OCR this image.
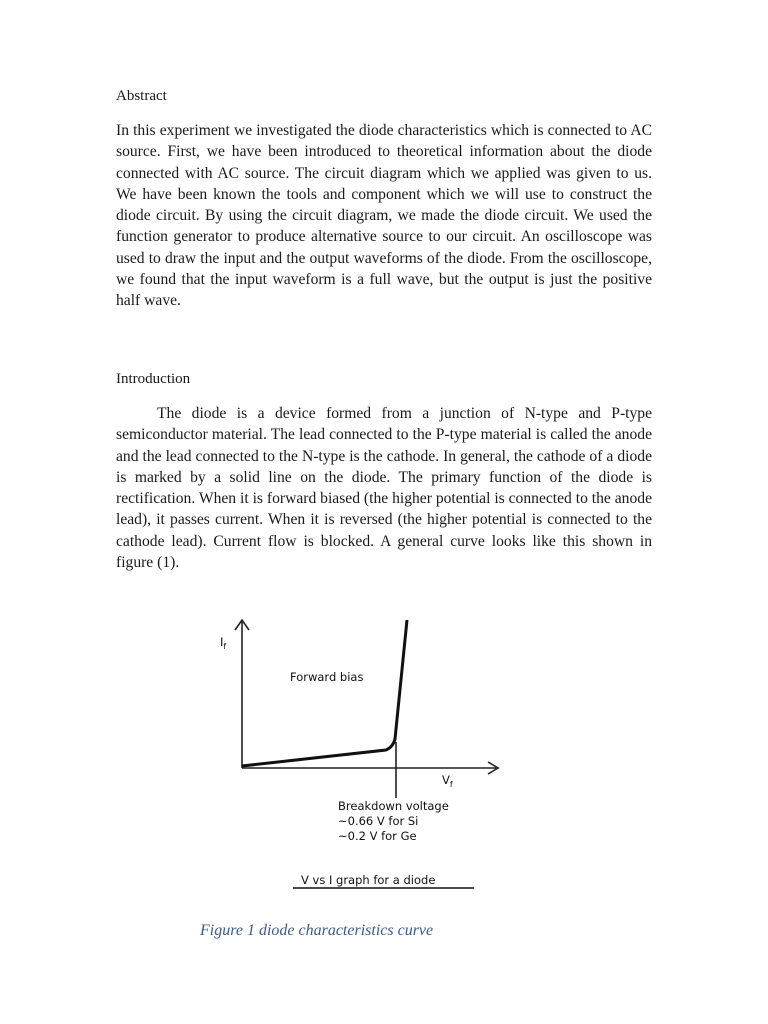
Abstract

In this experiment we investigated the diode characteristics which is connected to AC source. First, we have been introduced to theoretical information about the diode connected with AC source. The circuit diagram which we applied was given to us. We have been known the tools and component which we will use to construct the diode circuit. By using the circuit diagram, we made the diode circuit. We used the function generator to produce alternative source to our circuit. An oscilloscope was used to draw the input and the output waveforms of the diode. From the oscilloscope, we found that the input waveform is a full wave, but the output is just the positive half wave.

Introduction

The diode is a device formed from a junction of N-type and P-type semiconductor material. The lead connected to the P-type material is called the anode and the lead connected to the N-type is the cathode. In general, the cathode of a diode is marked by a solid line on the diode. The primary function of the diode is rectification. When it is forward biased (the higher potential is connected to the anode lead), it passes current. When it is reversed (the higher potential is connected to the cathode lead). Current flow is blocked. A general curve looks like this shown in figure (1).

$I_f$
$V_f$
Forward bias
Breakdown voltage
~0.66 V for Si
~0.2 V for Ge
V vs I graph for a diode

Figure 1 diode characteristics curve
